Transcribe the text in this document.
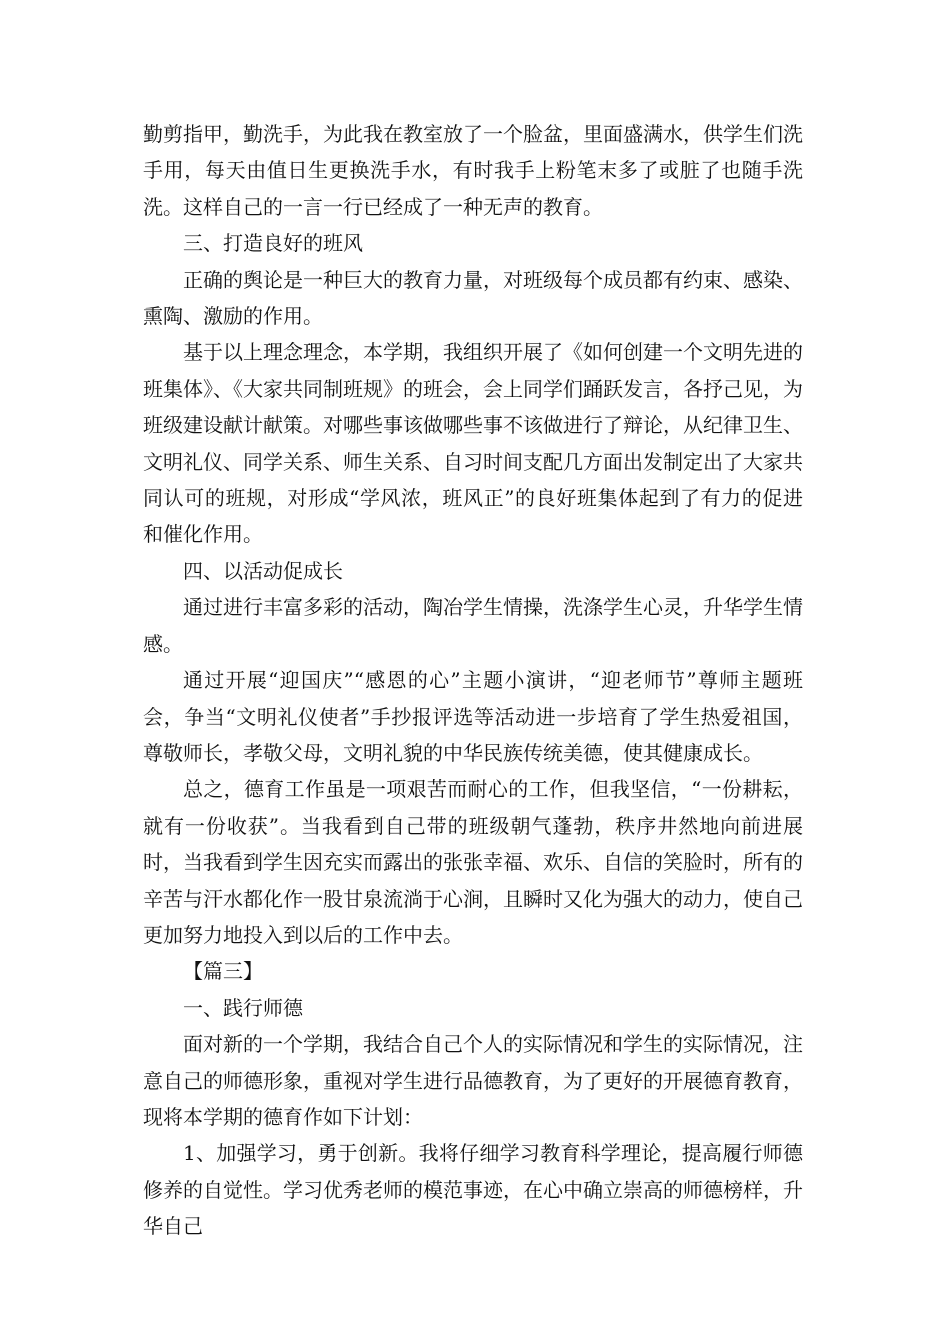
勤剪指甲，勤洗手，为此我在教室放了一个脸盆，里面盛满水，供学生们洗手用，每天由值日生更换洗手水，有时我手上粉笔末多了或脏了也随手洗洗。这样自己的一言一行已经成了一种无声的教育。

三、打造良好的班风

正确的舆论是一种巨大的教育力量，对班级每个成员都有约束、感染、熏陶、激励的作用。

基于以上理念理念，本学期，我组织开展了《如何创建一个文明先进的班集体》、《大家共同制班规》的班会，会上同学们踊跃发言，各抒己见，为班级建设献计献策。对哪些事该做哪些事不该做进行了辩论，从纪律卫生、文明礼仪、同学关系、师生关系、自习时间支配几方面出发制定出了大家共同认可的班规，对形成“学风浓，班风正”的良好班集体起到了有力的促进和催化作用。

四、以活动促成长

通过进行丰富多彩的活动，陶冶学生情操，洗涤学生心灵，升华学生情感。

通过开展“迎国庆”“感恩的心”主题小演讲，“迎老师节”尊师主题班会，争当“文明礼仪使者”手抄报评选等活动进一步培育了学生热爱祖国，尊敬师长，孝敬父母，文明礼貌的中华民族传统美德，使其健康成长。

总之，德育工作虽是一项艰苦而耐心的工作，但我坚信，“一份耕耘，就有一份收获”。当我看到自己带的班级朝气蓬勃，秩序井然地向前进展时，当我看到学生因充实而露出的张张幸福、欢乐、自信的笑脸时，所有的辛苦与汗水都化作一股甘泉流淌于心涧，且瞬时又化为强大的动力，使自己更加努力地投入到以后的工作中去。

【篇三】

一、践行师德

面对新的一个学期，我结合自己个人的实际情况和学生的实际情况，注意自己的师德形象，重视对学生进行品德教育，为了更好的开展德育教育，现将本学期的德育作如下计划：

1、加强学习，勇于创新。我将仔细学习教育科学理论，提高履行师德修养的自觉性。学习优秀老师的模范事迹，在心中确立崇高的师德榜样，升华自己
